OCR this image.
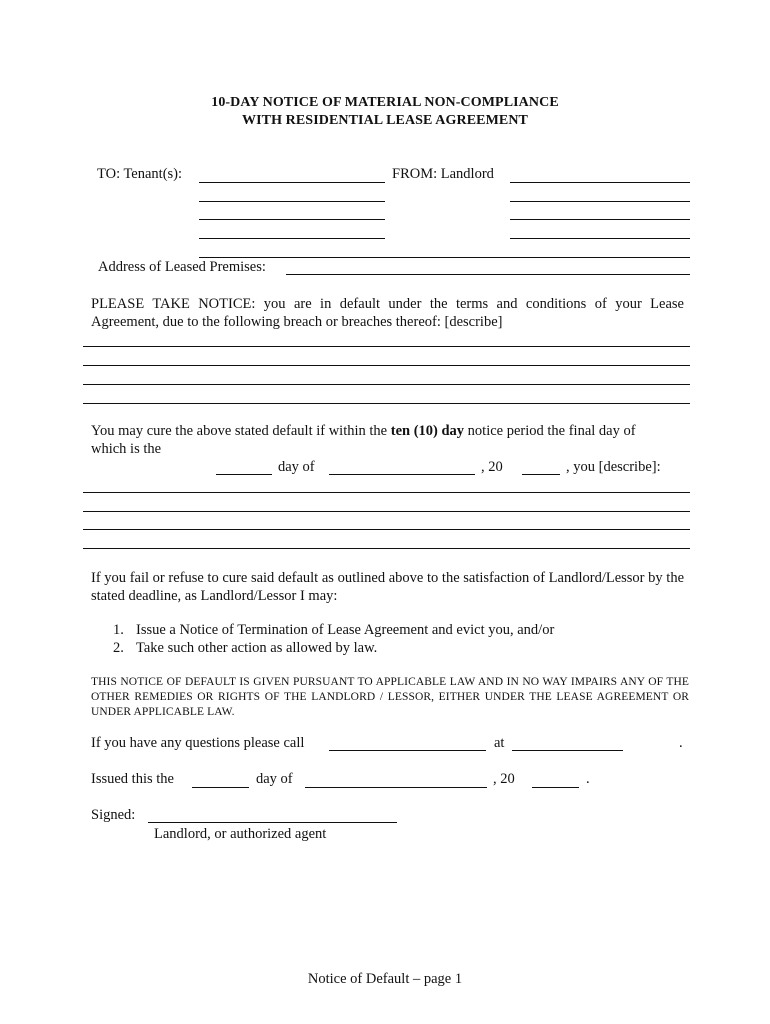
10-DAY NOTICE OF MATERIAL NON-COMPLIANCE
WITH RESIDENTIAL LEASE AGREEMENT
TO: Tenant(s):	FROM: Landlord
Address of Leased Premises:
PLEASE TAKE NOTICE: you are in default under the terms and conditions of your Lease Agreement, due to the following breach or breaches thereof: [describe]
You may cure the above stated default if within the ten (10) day notice period the final day of
which is the
day of	, 20	, you [describe]:
If you fail or refuse to cure said default as outlined above to the satisfaction of Landlord/Lessor by the stated deadline, as Landlord/Lessor I may:
1. Issue a Notice of Termination of Lease Agreement and evict you, and/or
2. Take such other action as allowed by law.
THIS NOTICE OF DEFAULT IS GIVEN PURSUANT TO APPLICABLE LAW AND IN NO WAY IMPAIRS ANY OF THE OTHER REMEDIES OR RIGHTS OF THE LANDLORD / LESSOR, EITHER UNDER THE LEASE AGREEMENT OR UNDER APPLICABLE LAW.
If you have any questions please call	at	.
Issued this the	day of	, 20	.
Signed:
Landlord, or authorized agent
Notice of Default – page 1
